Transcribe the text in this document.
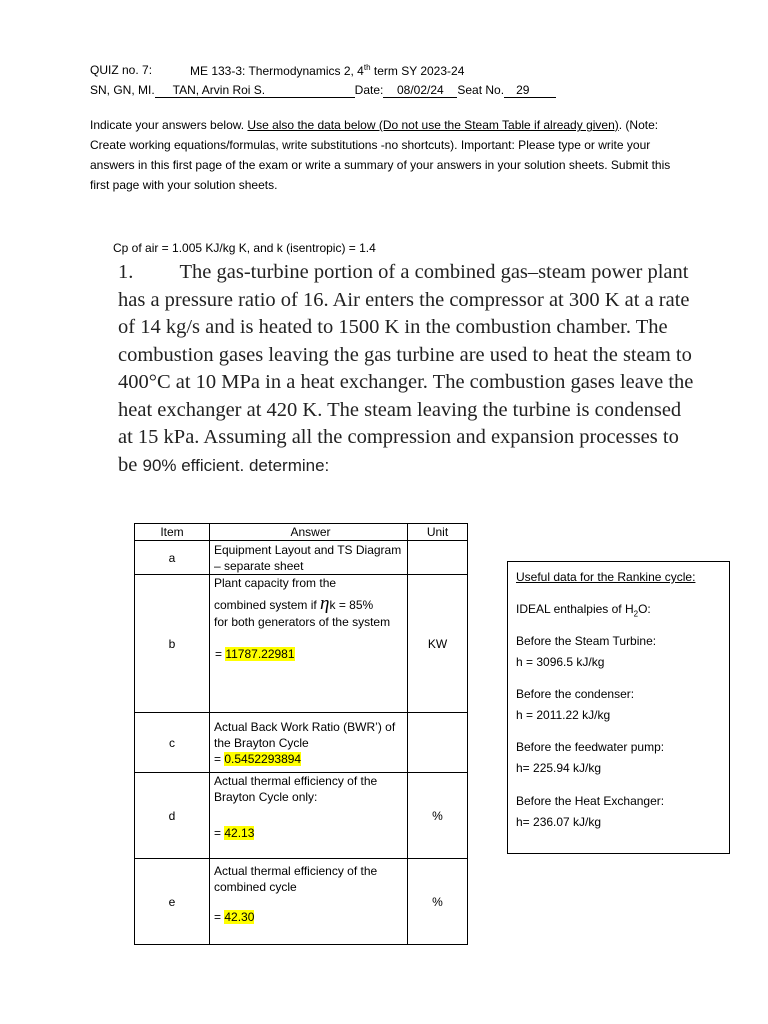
QUIZ no. 7:	ME 133-3: Thermodynamics 2, 4th term SY 2023-24
SN, GN, MI. TAN, Arvin Roi S.	Date: 08/02/24 Seat No. 29
Indicate your answers below. Use also the data below (Do not use the Steam Table if already given). (Note: Create working equations/formulas, write substitutions -no shortcuts). Important: Please type or write your answers in this first page of the exam or write a summary of your answers in your solution sheets. Submit this first page with your solution sheets.
Cp of air = 1.005 KJ/kg K, and k (isentropic) = 1.4
1. The gas-turbine portion of a combined gas–steam power plant has a pressure ratio of 16. Air enters the compressor at 300 K at a rate of 14 kg/s and is heated to 1500 K in the combustion chamber. The combustion gases leaving the gas turbine are used to heat the steam to 400°C at 10 MPa in a heat exchanger. The combustion gases leave the heat exchanger at 420 K. The steam leaving the turbine is condensed at 15 kPa. Assuming all the compression and expansion processes to be 90% efficient. determine:
Item	Answer	Unit
a	Equipment Layout and TS Diagram – separate sheet	
b	Plant capacity from the
combined system if ηk = 85%
for both generators of the system
= 11787.22981	KW
c	Actual Back Work Ratio (BWR’) of the Brayton Cycle
= 0.5452293894	

d	Actual thermal efficiency of the Brayton Cycle only:
= 42.13	%
e	Actual thermal efficiency of the combined cycle
= 42.30	%
Useful data for the Rankine cycle:
IDEAL enthalpies of $H_2O$:
Before the Steam Turbine:
h = 3096.5 kJ/kg
Before the condenser:
h = 2011.22 kJ/kg
Before the feedwater pump:
h= 225.94 kJ/kg
Before the Heat Exchanger:
h= 236.07 kJ/kg
